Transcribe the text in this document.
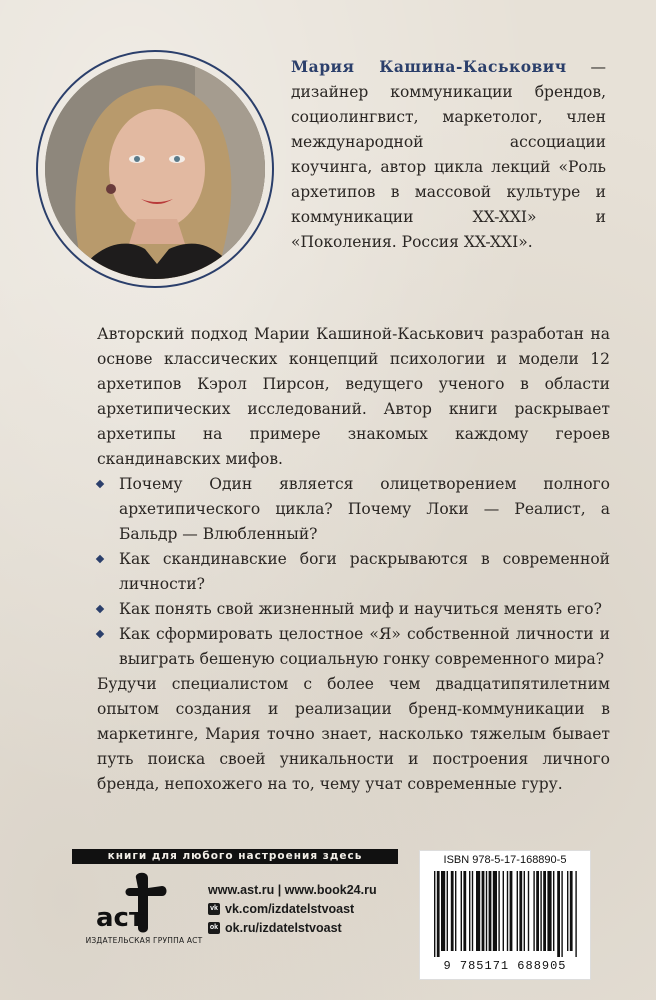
Мария Кашина-Каськович — дизайнер коммуникации брендов, социолингвист, маркетолог, член международной ассоциации коучинга, автор цикла лекций «Роль архетипов в массовой культуре и коммуникации XX-XXI» и «Поколения. Россия XX-XXI».

Авторский подход Марии Кашиной-Каськович разработан на основе классических концепций психологии и модели 12 архетипов Кэрол Пирсон, ведущего ученого в области архетипических исследований. Автор книги раскрывает архетипы на примере знакомых каждому героев скандинавских мифов.

Почему Один является олицетворением полного архетипического цикла? Почему Локи — Реалист, а Бальдр — Влюбленный?
Как скандинавские боги раскрываются в современной личности?
Как понять свой жизненный миф и научиться менять его?
Как сформировать целостное «Я» собственной личности и выиграть бешеную социальную гонку современного мира?

Будучи специалистом с более чем двадцатипятилетним опытом создания и реализации бренд-коммуникации в маркетинге, Мария точно знает, насколько тяжелым бывает путь поиска своей уникальности и построения личного бренда, непохожего на то, чему учат современные гуру.

книги для любого настроения здесь
аст
ИЗДАТЕЛЬСКАЯ ГРУППА АСТ
www.ast.ru | www.book24.ru
vk vk.com/izdatelstvoast
ok ok.ru/izdatelstvoast
ISBN 978-5-17-168890-5
9 785171 688905
